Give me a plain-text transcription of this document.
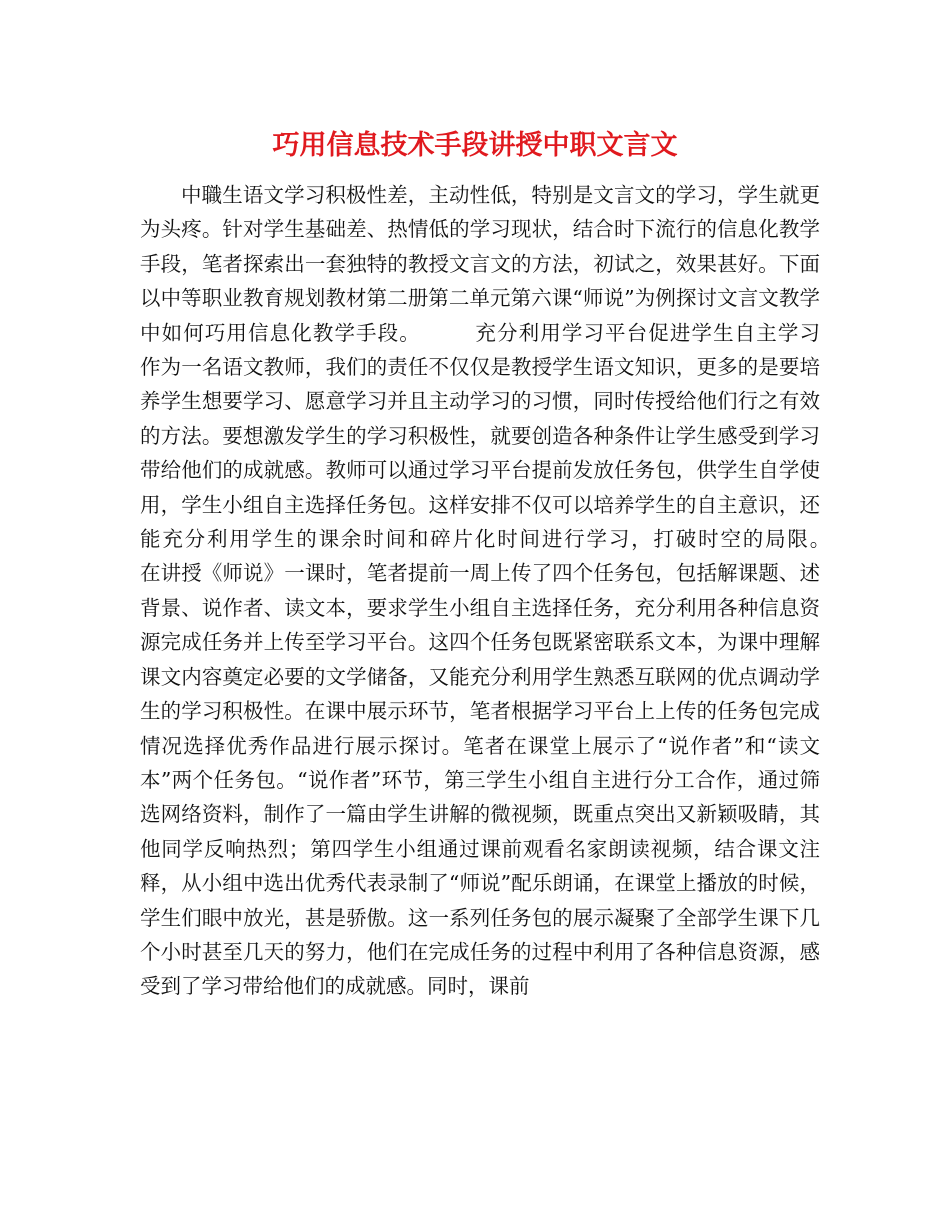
巧用信息技术手段讲授中职文言文

中職生语文学习积极性差，主动性低，特别是文言文的学习，学生就更为头疼。针对学生基础差、热情低的学习现状，结合时下流行的信息化教学手段，笔者探索出一套独特的教授文言文的方法，初试之，效果甚好。下面以中等职业教育规划教材第二册第二单元第六课“师说”为例探讨文言文教学中如何巧用信息化教学手段。　　　充分利用学习平台促进学生自主学习　　　作为一名语文教师，我们的责任不仅仅是教授学生语文知识，更多的是要培养学生想要学习、愿意学习并且主动学习的习惯，同时传授给他们行之有效的方法。要想激发学生的学习积极性，就要创造各种条件让学生感受到学习带给他们的成就感。教师可以通过学习平台提前发放任务包，供学生自学使用，学生小组自主选择任务包。这样安排不仅可以培养学生的自主意识，还能充分利用学生的课余时间和碎片化时间进行学习，打破时空的局限。　　　在讲授《师说》一课时，笔者提前一周上传了四个任务包，包括解课题、述背景、说作者、读文本，要求学生小组自主选择任务，充分利用各种信息资源完成任务并上传至学习平台。这四个任务包既紧密联系文本，为课中理解课文内容奠定必要的文学储备，又能充分利用学生熟悉互联网的优点调动学生的学习积极性。在课中展示环节，笔者根据学习平台上上传的任务包完成情况选择优秀作品进行展示探讨。笔者在课堂上展示了“说作者”和“读文本”两个任务包。“说作者”环节，第三学生小组自主进行分工合作，通过筛选网络资料，制作了一篇由学生讲解的微视频，既重点突出又新颖吸睛，其他同学反响热烈；第四学生小组通过课前观看名家朗读视频，结合课文注释，从小组中选出优秀代表录制了“师说”配乐朗诵，在课堂上播放的时候，学生们眼中放光，甚是骄傲。这一系列任务包的展示凝聚了全部学生课下几个小时甚至几天的努力，他们在完成任务的过程中利用了各种信息资源，感受到了学习带给他们的成就感。同时，课前
